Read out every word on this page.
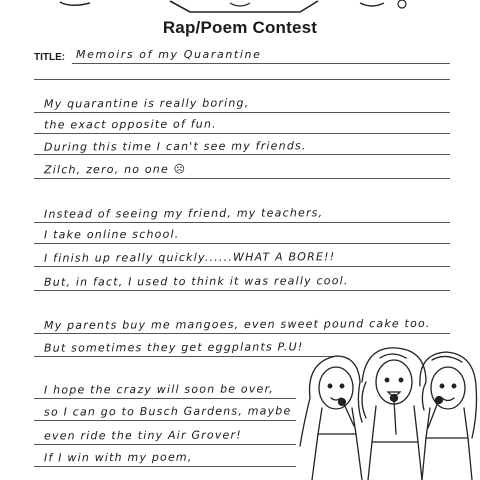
Rap/Poem Contest
TITLE: Memoirs of my Quarantine
My quarantine is really boring,
the exact opposite of fun.
During this time I can't see my friends.
Zilch, zero, no one ☹
Instead of seeing my friend, my teachers,
I take online school.
I finish up really quickly......WHAT A BORE!!
But, in fact, I used to think it was really cool.
My parents buy me mangoes, even sweet pound cake too.
But sometimes they get eggplants P.U!
I hope the crazy will soon be over,
so I can go to Busch Gardens, maybe
even ride the tiny Air Grover!
If I win with my poem,
